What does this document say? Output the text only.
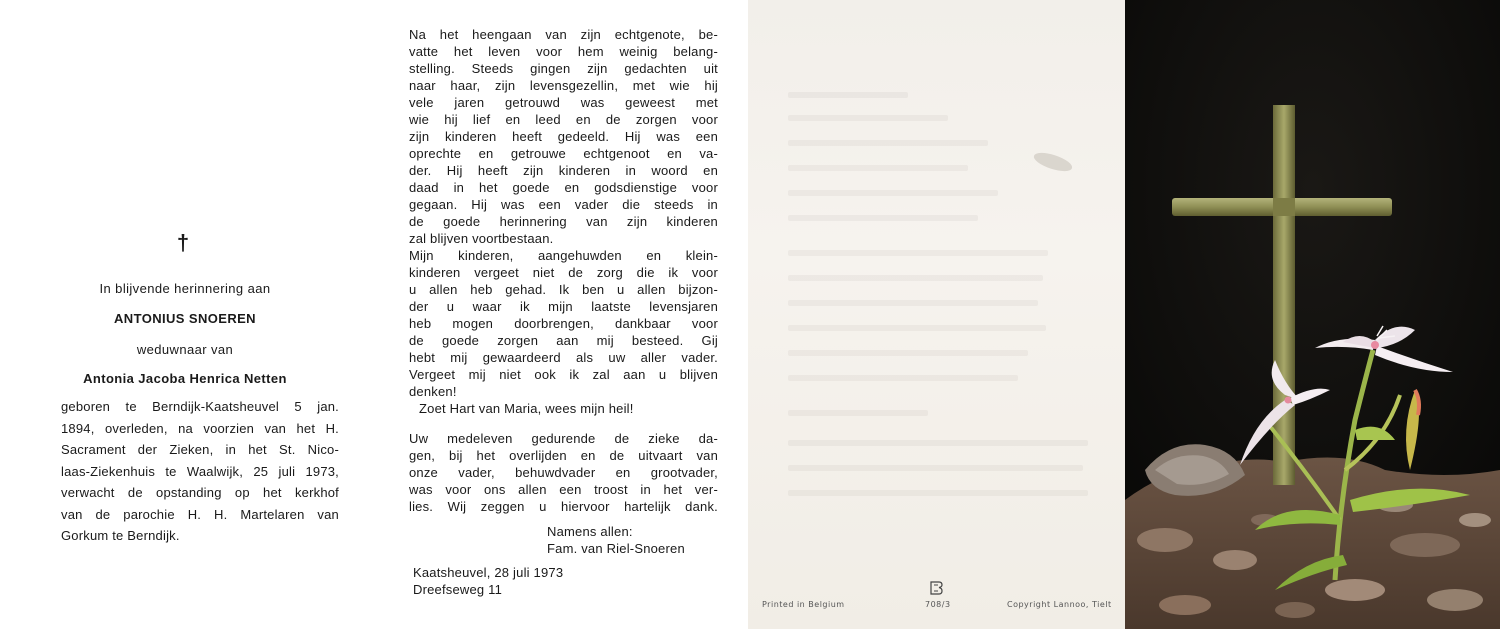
†
In blijvende herinnering aan
ANTONIUS SNOEREN
weduwnaar van
Antonia Jacoba Henrica Netten
geboren te Berndijk-Kaatsheuvel 5 jan.
1894, overleden, na voorzien van het H.
Sacrament der Zieken, in het St. Nico-
laas-Ziekenhuis te Waalwijk, 25 juli 1973,
verwacht de opstanding op het kerkhof
van de parochie H. H. Martelaren van
Gorkum te Berndijk.
Na het heengaan van zijn echtgenote, be-
vatte het leven voor hem weinig belang-
stelling. Steeds gingen zijn gedachten uit
naar haar, zijn levensgezellin, met wie hij
vele jaren getrouwd was geweest met
wie hij lief en leed en de zorgen voor
zijn kinderen heeft gedeeld. Hij was een
oprechte en getrouwe echtgenoot en va-
der. Hij heeft zijn kinderen in woord en
daad in het goede en godsdienstige voor
gegaan. Hij was een vader die steeds in
de goede herinnering van zijn kinderen
zal blijven voortbestaan.
Mijn kinderen, aangehuwden en klein-
kinderen vergeet niet de zorg die ik voor
u allen heb gehad. Ik ben u allen bijzon-
der u waar ik mijn laatste levensjaren
heb mogen doorbrengen, dankbaar voor
de goede zorgen aan mij besteed. Gij
hebt mij gewaardeerd als uw aller vader.
Vergeet mij niet ook ik zal aan u blijven
denken!
Zoet Hart van Maria, wees mijn heil!
Uw medeleven gedurende de zieke da-
gen, bij het overlijden en de uitvaart van
onze vader, behuwdvader en grootvader,
was voor ons allen een troost in het ver-
lies. Wij zeggen u hiervoor hartelijk dank.
Namens allen:
Fam. van Riel-Snoeren
Kaatsheuvel, 28 juli 1973
Dreefseweg 11
Printed in Belgium	708/3	Copyright Lannoo, Tielt
